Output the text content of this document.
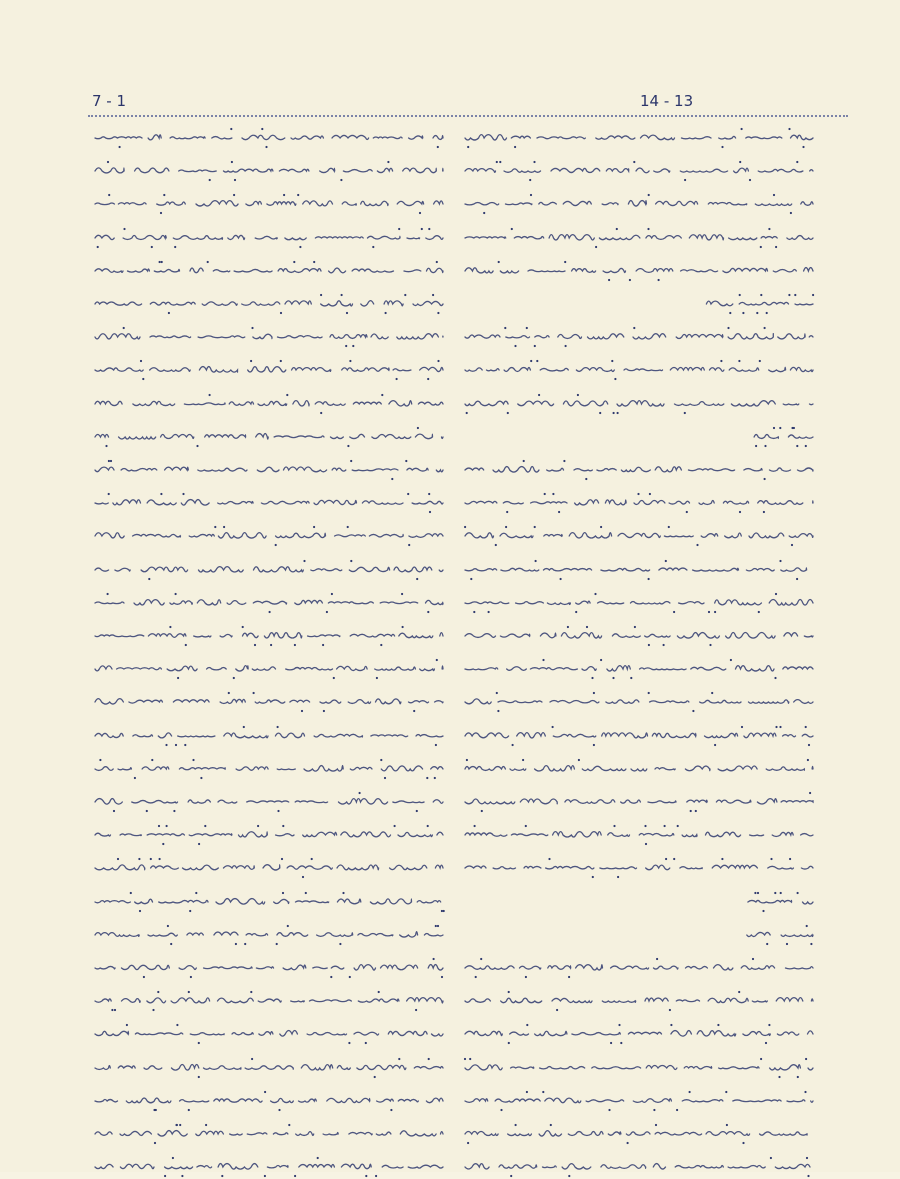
7 - 1	14 - 13
